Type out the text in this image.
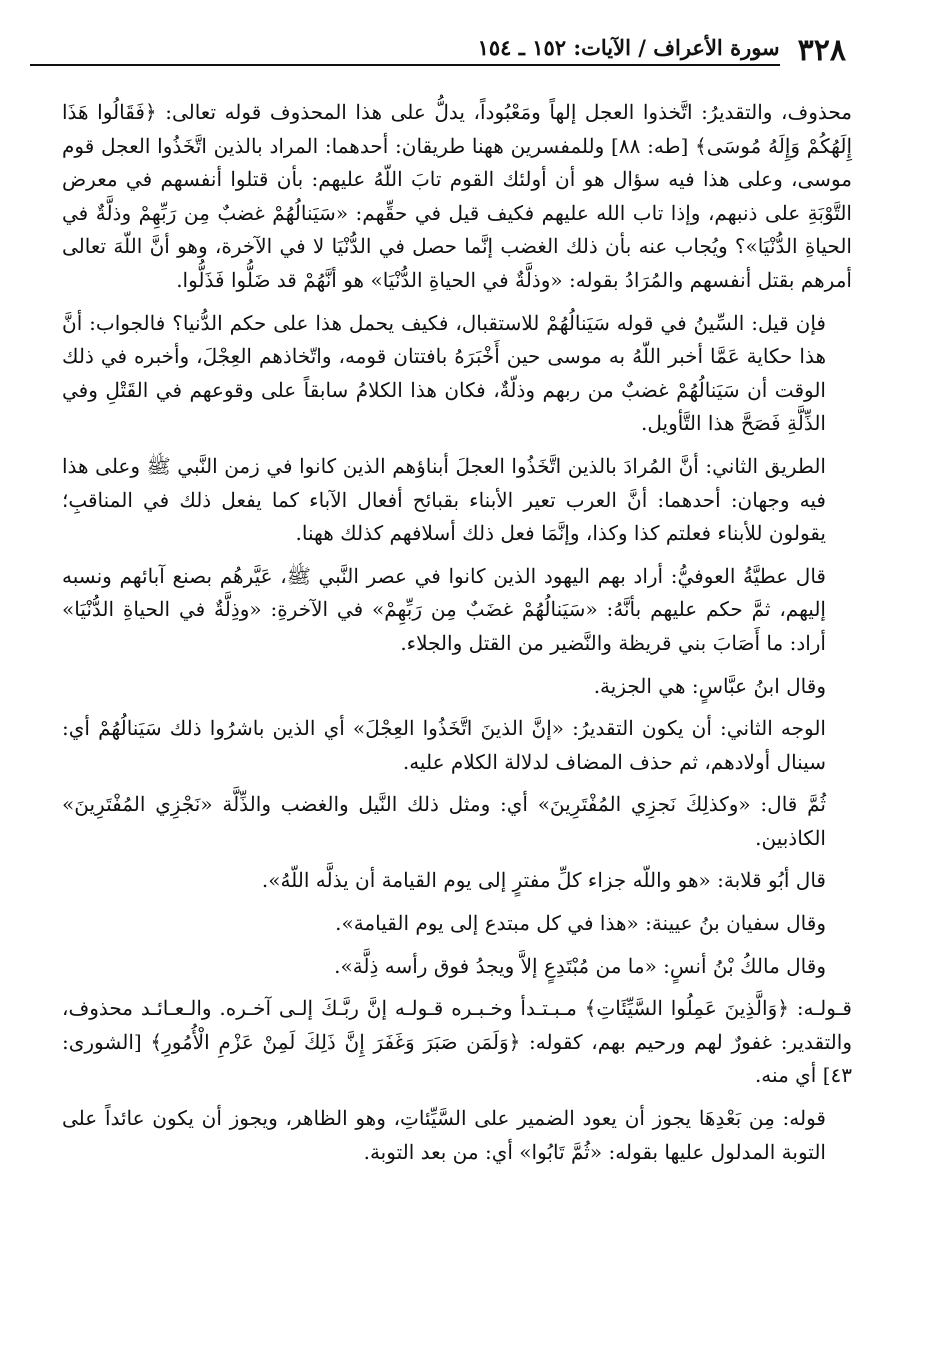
٣٢٨
سورة الأعراف / الآيات: ١٥٢ ـ ١٥٤

محذوف، والتقديرُ: اتَّخذوا العجل إلهاً ومَعْبُوداً، يدلُّ على هذا المحذوف قوله تعالى: ﴿فَقَالُوا هَذَا إِلَهُكُمْ وَإِلَهُ مُوسَى﴾ [طه: ٨٨] وللمفسرين ههنا طريقان: أحدهما: المراد بالذين اتَّخَذُوا العجل قوم موسى، وعلى هذا فيه سؤال هو أن أولئك القوم تابَ اللّهُ عليهم: بأن قتلوا أنفسهم في معرض التَّوْبَةِ على ذنبهم، وإذا تاب الله عليهم فكيف قيل في حقِّهم: «سَيَنالُهُمْ غضبٌ مِن رَبِّهِمْ وذلَّةٌ في الحياةِ الدُّنْيَا»؟ ويُجاب عنه بأن ذلك الغضب إنَّما حصل في الدُّنْيَا لا في الآخرة، وهو أنَّ اللّهَ تعالى أمرهم بقتل أنفسهم والمُرَادُ بقوله: «وذلَّةٌ في الحياةِ الدُّنْيَا» هو أنَّهُمْ قد ضَلُّوا فَذَلُّوا.

فإن قيل: السِّينُ في قوله سَيَنالُهُمْ للاستقبال، فكيف يحمل هذا على حكم الدُّنيا؟ فالجواب: أنَّ هذا حكاية عَمَّا أخبر اللّهُ به موسى حين أَخْبَرَهُ بافتتان قومه، واتّخاذهم العِجْلَ، وأخبره في ذلك الوقت أن سَيَنالُهُمْ غضبٌ من ربهم وذلّةٌ، فكان هذا الكلامُ سابقاً على وقوعهم في القَتْلِ وفي الذِّلَّةِ فَصَحَّ هذا التَّأويل.

الطريق الثاني: أنَّ المُرادَ بالذين اتَّخَذُوا العجلَ أبناؤهم الذين كانوا في زمن النَّبي ﷺ وعلى هذا فيه وجهان: أحدهما: أنَّ العرب تعير الأبناء بقبائح أفعال الآباء كما يفعل ذلك في المناقبِ؛ يقولون للأبناء فعلتم كذا وكذا، وإنَّمَا فعل ذلك أسلافهم كذلك ههنا.

قال عطيَّةُ العوفيُّ: أراد بهم اليهود الذين كانوا في عصر النَّبي ﷺ، عَيَّرهُم بصنع آبائهم ونسبه إليهم، ثمَّ حكم عليهم بأنَّهُ: «سَيَنالُهُمْ غضَبٌ مِن رَبِّهِمْ» في الآخرةِ: «وذِلَّةٌ في الحياةِ الدُّنْيَا» أراد: ما أَصَابَ بني قريظة والنَّضير من القتل والجلاء.

وقال ابنُ عبَّاسٍ: هي الجزية.

الوجه الثاني: أن يكون التقديرُ: «إنَّ الذينَ اتَّخَذُوا العِجْلَ» أي الذين باشرُوا ذلك سَيَنالُهُمْ أي: سينال أولادهم، ثم حذف المضاف لدلالة الكلام عليه.

ثُمَّ قال: «وكذلِكَ نَجزِي المُفْتَرِينَ» أي: ومثل ذلك النَّيل والغضب والذِّلَّة «نَجْزِي المُفْتَرِينَ» الكاذبين.

قال أبُو قلابة: «هو واللّه جزاء كلِّ مفترٍ إلى يوم القيامة أن يذلَّه اللّهُ».

وقال سفيان بنُ عيينة: «هذا في كل مبتدع إلى يوم القيامة».

وقال مالكُ بْنُ أنسٍ: «ما من مُبْتَدِعٍ إلاَّ ويجدُ فوق رأسه ذِلَّة».

قـولـه: ﴿وَالَّذِينَ عَمِلُوا السَّيِّئَاتِ﴾ مـبـتـدأ وخـبـره قـولـه إنَّ ربَّـكَ إلـى آخـره. والـعـائـد محذوف، والتقدير: غفورٌ لهم ورحيم بهم، كقوله: ﴿وَلَمَن صَبَرَ وَغَفَرَ إِنَّ ذَلِكَ لَمِنْ عَزْمِ الْأُمُورِ﴾ [الشورى: ٤٣] أي منه.

قوله: مِن بَعْدِهَا يجوز أن يعود الضمير على السَّيِّئاتِ، وهو الظاهر، ويجوز أن يكون عائداً على التوبة المدلول عليها بقوله: «ثُمَّ تَابُوا» أي: من بعد التوبة.
